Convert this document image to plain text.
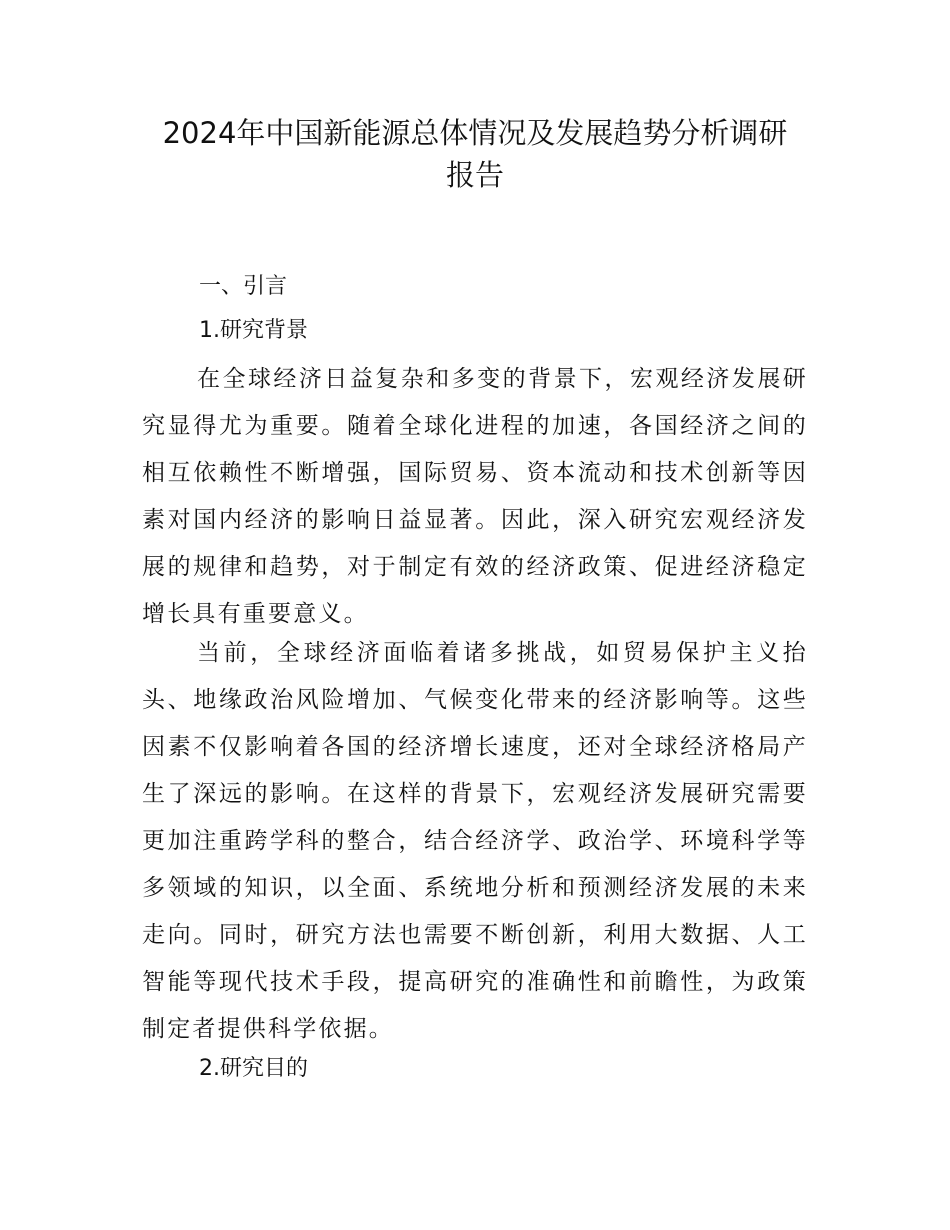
2024年中国新能源总体情况及发展趋势分析调研
报告
一、引言
1.研究背景

在全球经济日益复杂和多变的背景下，宏观经济发展研究显得尤为重要。随着全球化进程的加速，各国经济之间的相互依赖性不断增强，国际贸易、资本流动和技术创新等因素对国内经济的影响日益显著。因此，深入研究宏观经济发展的规律和趋势，对于制定有效的经济政策、促进经济稳定增长具有重要意义。

当前，全球经济面临着诸多挑战，如贸易保护主义抬头、地缘政治风险增加、气候变化带来的经济影响等。这些因素不仅影响着各国的经济增长速度，还对全球经济格局产生了深远的影响。在这样的背景下，宏观经济发展研究需要更加注重跨学科的整合，结合经济学、政治学、环境科学等多领域的知识，以全面、系统地分析和预测经济发展的未来走向。同时，研究方法也需要不断创新，利用大数据、人工智能等现代技术手段，提高研究的准确性和前瞻性，为政策制定者提供科学依据。

2.研究目的
